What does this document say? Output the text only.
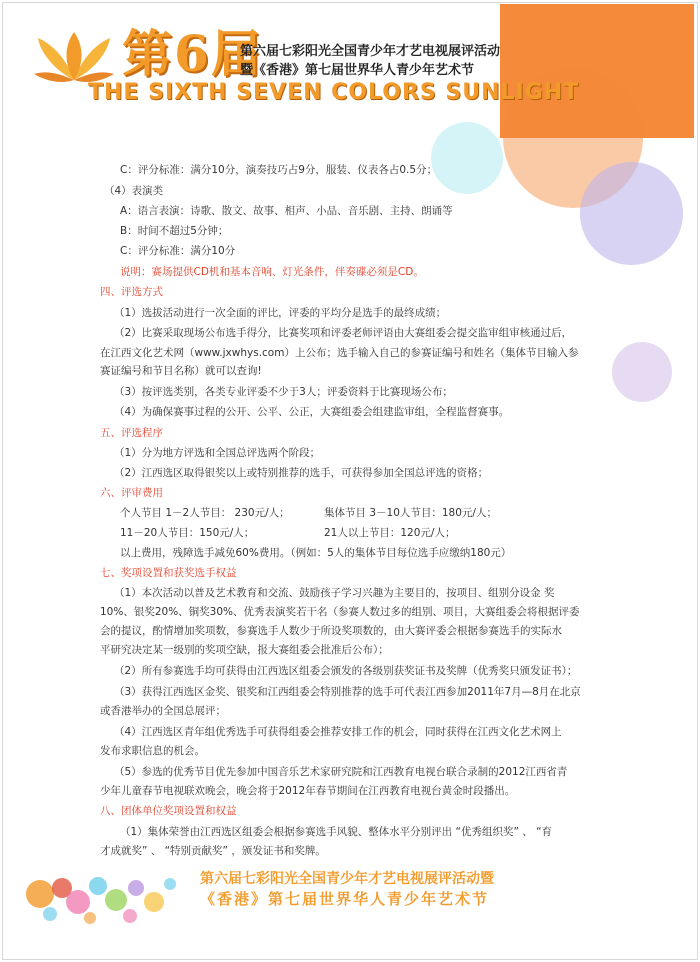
第6届
第六届七彩阳光全国青少年才艺电视展评活动
暨《香港》第七届世界华人青少年艺术节
THE SIXTH SEVEN COLORS SUNLIGHT
C：评分标准：满分10分，演奏技巧占9分，服装、仪表各占0.5分；
（4）表演类
A：语言表演：诗歌、散文、故事、相声、小品、音乐剧、主持、朗诵等
B：时间不超过5分钟；
C：评分标准：满分10分
说明：赛场提供CD机和基本音响、灯光条件，伴奏碟必须是CD。
四、评选方式
（1）选拔活动进行一次全面的评比，评委的平均分是选手的最终成绩；
（2）比赛采取现场公布选手得分，比赛奖项和评委老师评语由大赛组委会提交监审组审核通过后，
在江西文化艺术网（www.jxwhys.com）上公布；选手输入自己的参赛证编号和姓名（集体节目输入参
赛证编号和节目名称）就可以查询!
（3）按评选类别，各类专业评委不少于3人；评委资料于比赛现场公布；
（4）为确保赛事过程的公开、公平、公正，大赛组委会组建监审组，全程监督赛事。
五、评选程序
（1）分为地方评选和全国总评选两个阶段；
（2）江西选区取得银奖以上或特别推荐的选手，可获得参加全国总评选的资格；
六、评审费用
个人节目 1－2人节目： 230元/人；	集体节目 3－10人节目：180元/人；
11－20人节目：150元/人；	21人以上节目：120元/人；
以上费用，残障选手减免60%费用。（例如：5人的集体节目每位选手应缴纳180元）
七、奖项设置和获奖选手权益
（1）本次活动以普及艺术教育和交流、鼓励孩子学习兴趣为主要目的，按项目、组别分设金 奖
10%、银奖20%、铜奖30%、优秀表演奖若干名（参赛人数过多的组别、项目，大赛组委会将根据评委
会的提议，酌情增加奖项数，参赛选手人数少于所设奖项数的，由大赛评委会根据参赛选手的实际水
平研究决定某一级别的奖项空缺，报大赛组委会批准后公布）；
（2）所有参赛选手均可获得由江西选区组委会颁发的各级别获奖证书及奖牌（优秀奖只颁发证书）；
（3）获得江西选区金奖、银奖和江西组委会特别推荐的选手可代表江西参加2011年7月—8月在北京
或香港举办的全国总展评；
（4）江西选区青年组优秀选手可获得组委会推荐安排工作的机会，同时获得在江西文化艺术网上
发布求职信息的机会。
（5）参选的优秀节目优先参加中国音乐艺术家研究院和江西教育电视台联合录制的2012江西省青
少年儿童春节电视联欢晚会，晚会将于2012年春节期间在江西教育电视台黄金时段播出。
八、团体单位奖项设置和权益
（1）集体荣誉由江西选区组委会根据参赛选手风貌、整体水平分别评出 “优秀组织奖” 、 “育
才成就奖” 、 “特别贡献奖” ，颁发证书和奖牌。
第六届七彩阳光全国青少年才艺电视展评活动暨
《香港》第七届世界华人青少年艺术节
